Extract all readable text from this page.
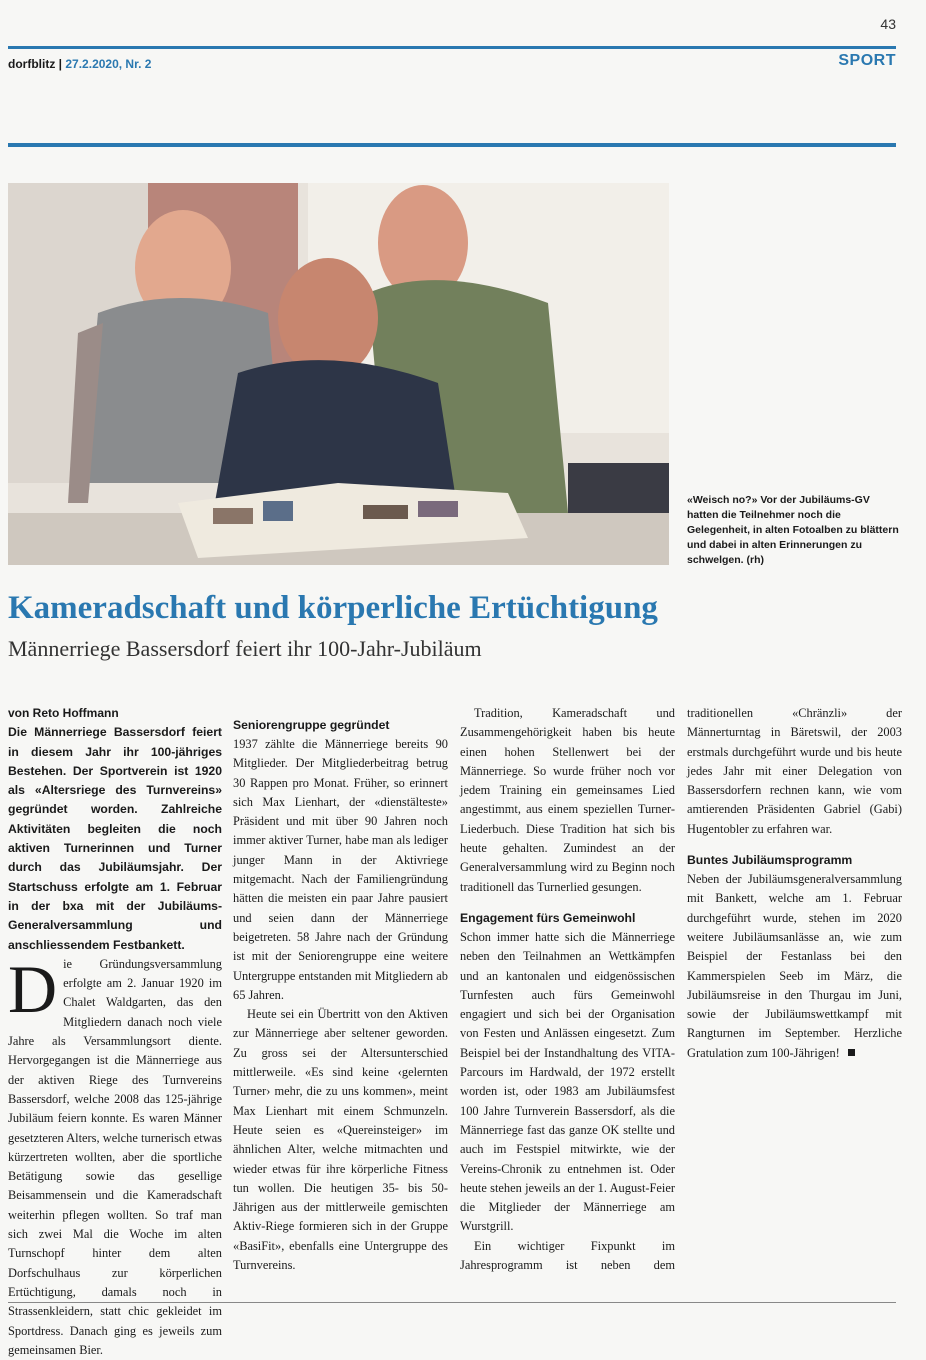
43
dorfblitz | 27.2.2020, Nr. 2	SPORT
«Weisch no?» Vor der Jubiläums-GV hatten die Teilnehmer noch die Gelegenheit, in alten Fotoalben zu blättern und dabei in alten Erinnerungen zu schwelgen. (rh)
Kameradschaft und körperliche Ertüchtigung
Männerriege Bassersdorf feiert ihr 100-Jahr-Jubiläum

von Reto Hoffmann

Die Männerriege Bassersdorf feiert in diesem Jahr ihr 100-jähriges Bestehen. Der Sportverein ist 1920 als «Altersriege des Turnvereins» gegründet worden. Zahlreiche Aktivitäten begleiten die noch aktiven Turnerinnen und Turner durch das Jubiläumsjahr. Der Startschuss erfolgte am 1. Februar in der bxa mit der Jubiläums-Generalversammlung und anschliessendem Festbankett.

Die Gründungsversammlung erfolgte am 2. Januar 1920 im Chalet Waldgarten, das den Mitgliedern danach noch viele Jahre als Versammlungsort diente. Hervorgegangen ist die Männerriege aus der aktiven Riege des Turnvereins Bassersdorf, welche 2008 das 125-jährige Jubiläum feiern konnte. Es waren Männer gesetzteren Alters, welche turnerisch etwas kürzertreten wollten, aber die sportliche Betätigung sowie das gesellige Beisammensein und die Kameradschaft weiterhin pflegen wollten. So traf man sich zwei Mal die Woche im alten Turnschopf hinter dem alten Dorfschulhaus zur körperlichen Ertüchtigung, damals noch in Strassenkleidern, statt chic gekleidet im Sportdress. Danach ging es jeweils zum gemeinsamen Bier.

Seniorengruppe gegründet

1937 zählte die Männerriege bereits 90 Mitglieder. Der Mitgliederbeitrag betrug 30 Rappen pro Monat. Früher, so erinnert sich Max Lienhart, der «dienstälteste» Präsident und mit über 90 Jahren noch immer aktiver Turner, habe man als lediger junger Mann in der Aktivriege mitgemacht. Nach der Familiengründung hätten die meisten ein paar Jahre pausiert und seien dann der Männerriege beigetreten. 58 Jahre nach der Gründung ist mit der Seniorengruppe eine weitere Untergruppe entstanden mit Mitgliedern ab 65 Jahren.

Heute sei ein Übertritt von den Aktiven zur Männerriege aber seltener geworden. Zu gross sei der Altersunterschied mittlerweile. «Es sind keine ‹gelernten Turner› mehr, die zu uns kommen», meint Max Lienhart mit einem Schmunzeln. Heute seien es «Quereinsteiger» im ähnlichen Alter, welche mitmachten und wieder etwas für ihre körperliche Fitness tun wollen. Die heutigen 35- bis 50-Jährigen aus der mittlerweile gemischten Aktiv-Riege formieren sich in der Gruppe «BasiFit», ebenfalls eine Untergruppe des Turnvereins.

Tradition, Kameradschaft und Zusammengehörigkeit haben bis heute einen hohen Stellenwert bei der Männerriege. So wurde früher noch vor jedem Training ein gemeinsames Lied angestimmt, aus einem speziellen Turner-Liederbuch. Diese Tradition hat sich bis heute gehalten. Zumindest an der Generalversammlung wird zu Beginn noch traditionell das Turnerlied gesungen.

Engagement fürs Gemeinwohl

Schon immer hatte sich die Männerriege neben den Teilnahmen an Wettkämpfen und an kantonalen und eidgenössischen Turnfesten auch fürs Gemeinwohl engagiert und sich bei der Organisation von Festen und Anlässen eingesetzt. Zum Beispiel bei der Instandhaltung des VITA-Parcours im Hardwald, der 1972 erstellt worden ist, oder 1983 am Jubiläumsfest 100 Jahre Turnverein Bassersdorf, als die Männerriege fast das ganze OK stellte und auch im Festspiel mitwirkte, wie der Vereins-Chronik zu entnehmen ist. Oder heute stehen jeweils an der 1. August-Feier die Mitglieder der Männerriege am Wurstgrill.

Ein wichtiger Fixpunkt im Jahresprogramm ist neben dem traditionellen «Chränzli» der Männerturntag in Bäretswil, der 2003 erstmals durchgeführt wurde und bis heute jedes Jahr mit einer Delegation von Bassersdorfern rechnen kann, wie vom amtierenden Präsidenten Gabriel (Gabi) Hugentobler zu erfahren war.

Buntes Jubiläumsprogramm

Neben der Jubiläumsgeneralversammlung mit Bankett, welche am 1. Februar durchgeführt wurde, stehen im 2020 weitere Jubiläumsanlässe an, wie zum Beispiel der Festanlass bei den Kammerspielen Seeb im März, die Jubiläumsreise in den Thurgau im Juni, sowie der Jubiläumswettkampf mit Rangturnen im September. Herzliche Gratulation zum 100-Jährigen!
